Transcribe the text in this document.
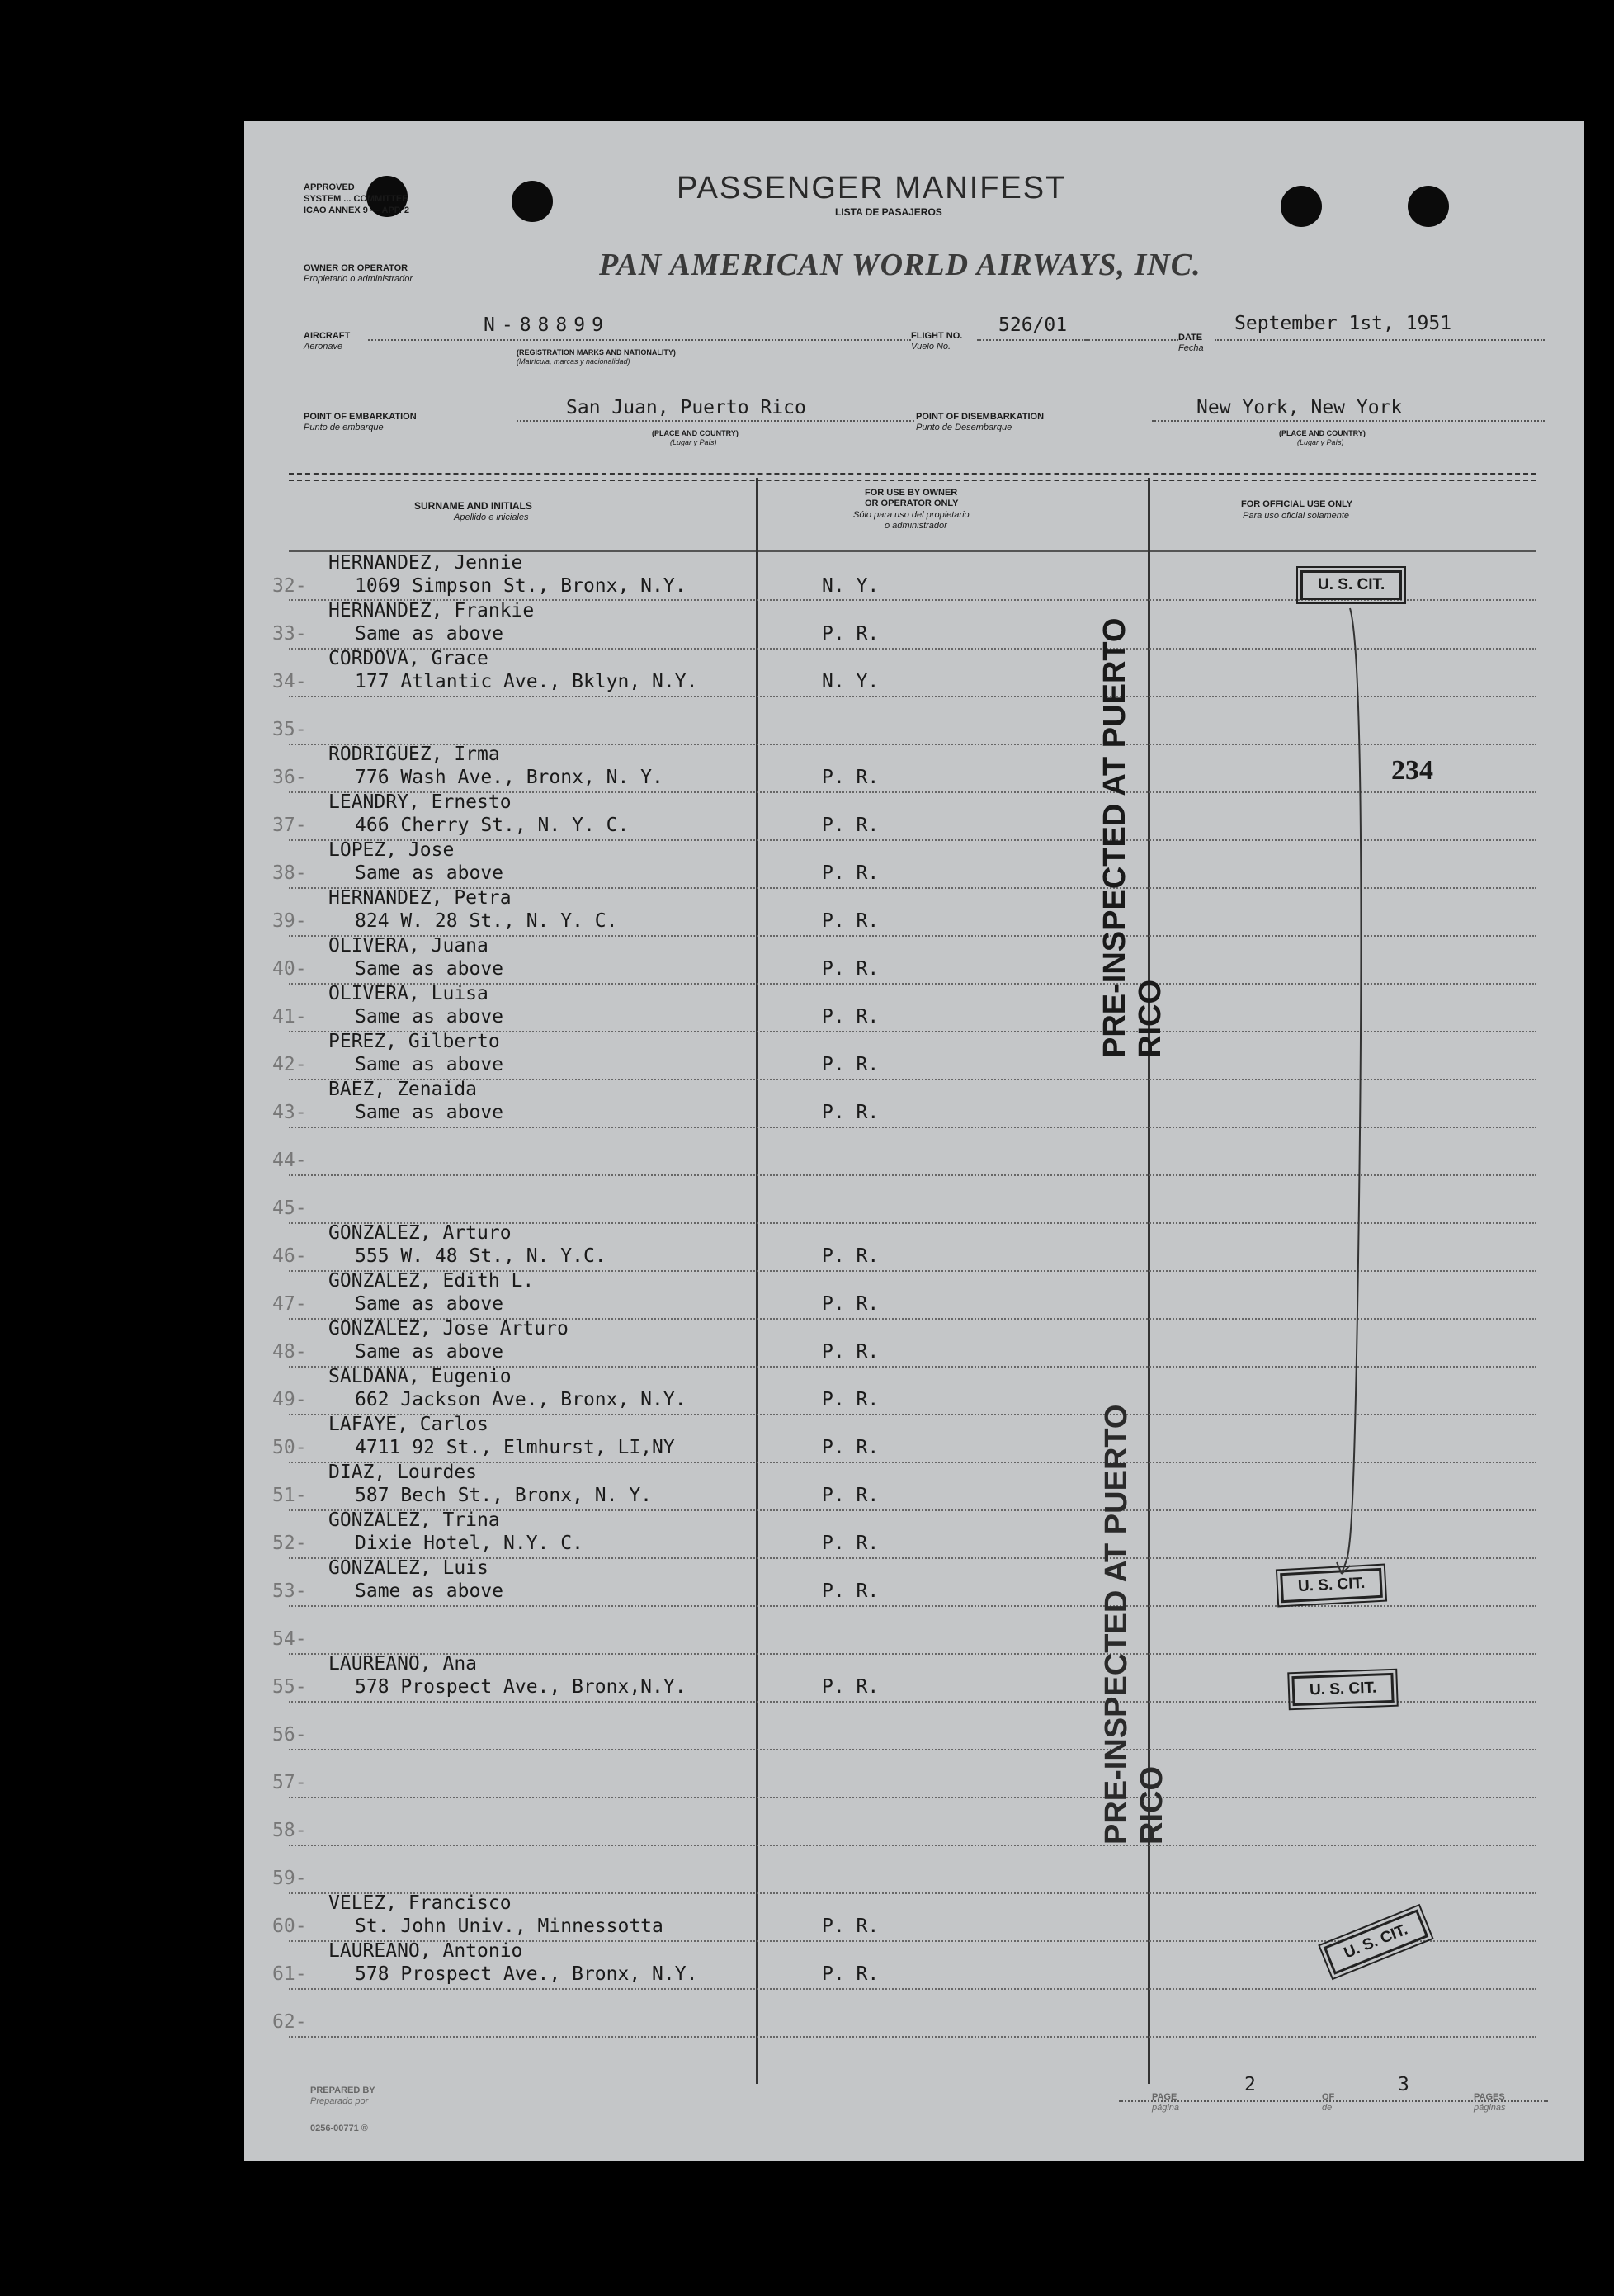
APPROVED
SYSTEM ... COMMITTEE
ICAO ANNEX 9 — APP. 2
PASSENGER MANIFEST
LISTA DE PASAJEROS
OWNER OR OPERATOR
Propietario o administrador	PAN AMERICAN WORLD AIRWAYS, INC.
AIRCRAFT
Aeronave
N-88899
(REGISTRATION MARKS AND NATIONALITY)
(Matrícula, marcas y nacionalidad)
FLIGHT NO.
Vuelo No.
526/01
DATE
Fecha
September 1st, 1951
POINT OF EMBARKATION
Punto de embarque
San Juan, Puerto Rico
(PLACE AND COUNTRY)
(Lugar y País)
POINT OF DISEMBARKATION
Punto de Desembarque
New York, New York
(PLACE AND COUNTRY)
(Lugar y País)
SURNAME AND INITIALS
Apellido e iniciales
FOR USE BY OWNER
OR OPERATOR ONLY
Sólo para uso del propietario
o administrador
FOR OFFICIAL USE ONLY
Para uso oficial solamente
HERNANDEZ, Jennie
1069 Simpson St., Bronx, N.Y.
32-	N. Y.
HERNANDEZ, Frankie
Same as above
33-	P. R.
CORDOVA, Grace
177 Atlantic Ave., Bklyn, N.Y.
34-	N. Y.
35-
RODRIGUEZ, Irma
776 Wash Ave., Bronx, N. Y.
36-	P. R.
LEANDRY, Ernesto
466 Cherry St., N. Y. C.
37-	P. R.
LOPEZ, Jose
Same as above
38-	P. R.
HERNANDEZ, Petra
824 W. 28 St., N. Y. C.
39-	P. R.
OLIVERA, Juana
Same as above
40-	P. R.
OLIVERA, Luisa
Same as above
41-	P. R.
PEREZ, Gilberto
Same as above
42-	P. R.
BAEZ, Zenaida
Same as above
43-	P. R.
44-
45-
GONZALEZ, Arturo
555 W. 48 St., N. Y.C.
46-	P. R.
GONZALEZ, Edith L.
Same as above
47-	P. R.
GONZALEZ, Jose Arturo
Same as above
48-	P. R.
SALDANA, Eugenio
662 Jackson Ave., Bronx, N.Y.
49-	P. R.
LAFAYE, Carlos
4711 92 St., Elmhurst, LI,NY
50-	P. R.
DIAZ, Lourdes
587 Bech St., Bronx, N. Y.
51-	P. R.
GONZALEZ, Trina
Dixie Hotel, N.Y. C.
52-	P. R.
GONZALEZ, Luis
Same as above
53-	P. R.
54-
LAUREANO, Ana
578 Prospect Ave., Bronx,N.Y.
55-	P. R.
56-
57-
58-
59-
VELEZ, Francisco
St. John Univ., Minnessotta
60-	P. R.
LAUREANO, Antonio
578 Prospect Ave., Bronx, N.Y.
61-	P. R.
62-
PRE-INSPECTED AT PUERTO RICO
PRE-INSPECTED AT PUERTO RICO
U. S. CIT.
U. S. CIT.
U. S. CIT.
U. S. CIT.
234
PREPARED BY
Preparado por
0256-00771 ®
PAGE
página
2
OF
de
3
PAGES
páginas
